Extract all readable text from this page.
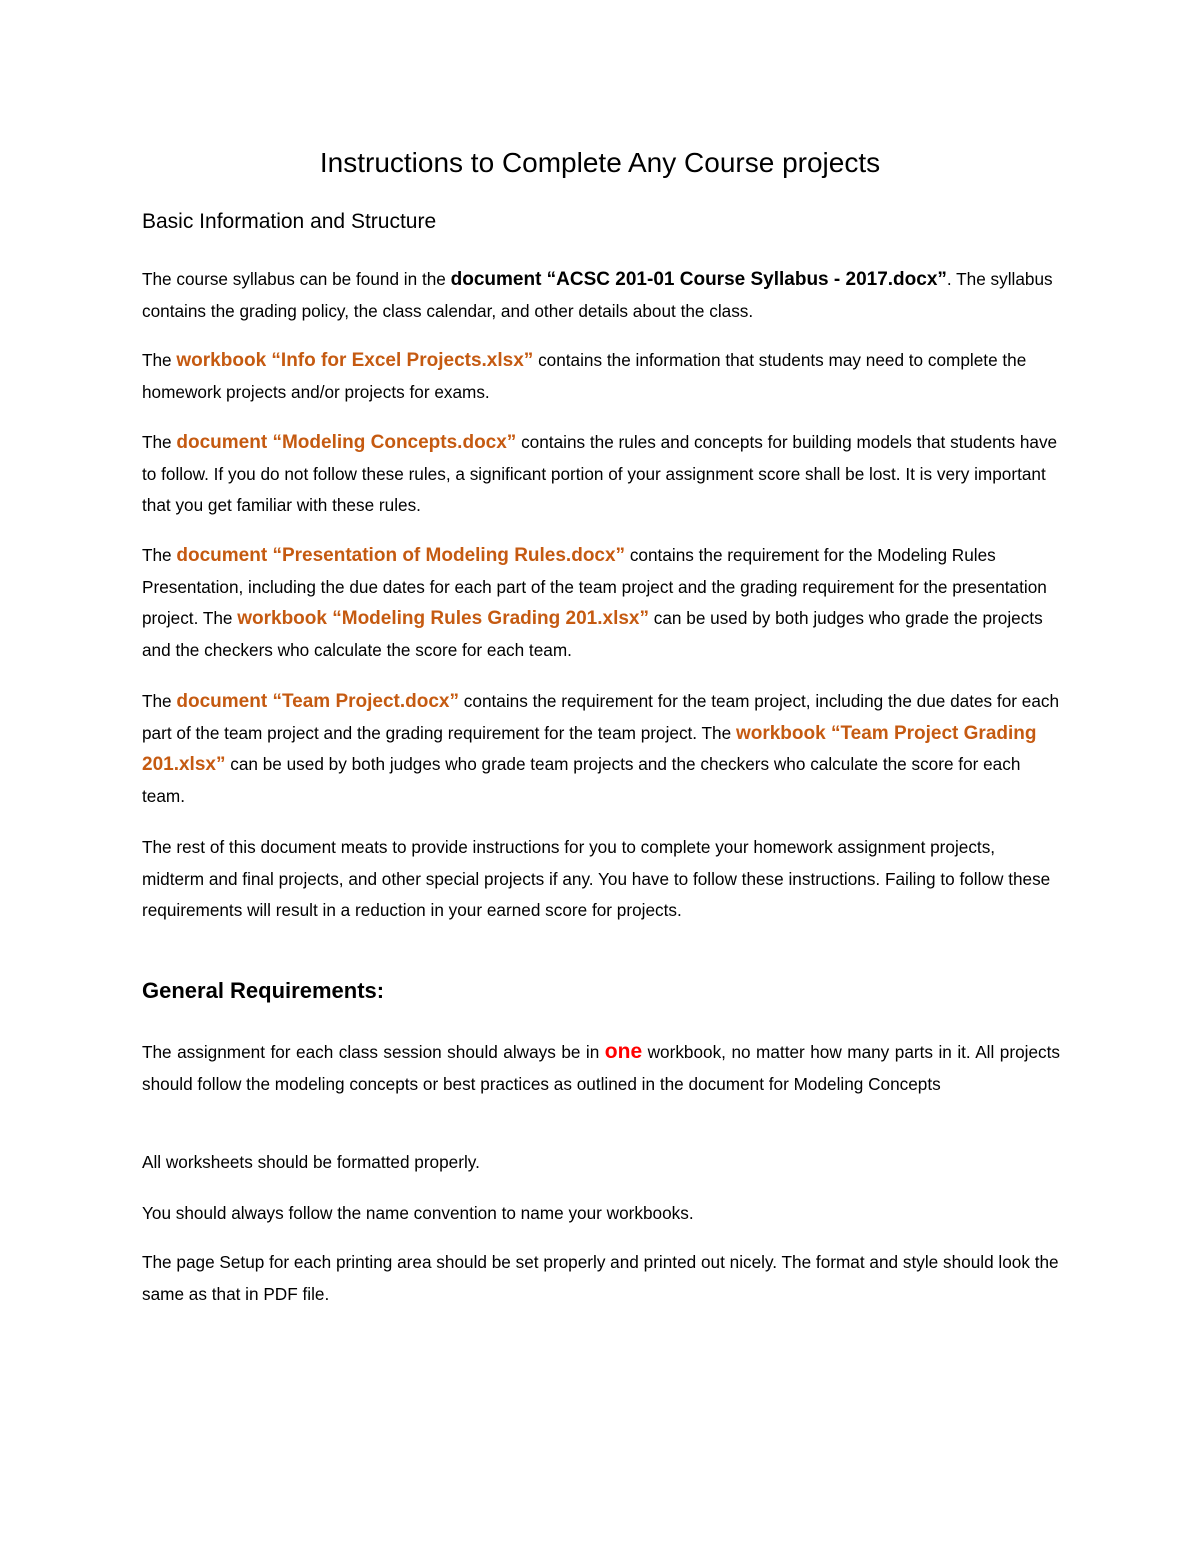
Instructions to Complete Any Course projects
Basic Information and Structure

The course syllabus can be found in the document “ACSC 201-01 Course Syllabus - 2017.docx”. The syllabus contains the grading policy, the class calendar, and other details about the class.

The workbook “Info for Excel Projects.xlsx” contains the information that students may need to complete the homework projects and/or projects for exams.

The document “Modeling Concepts.docx” contains the rules and concepts for building models that students have to follow. If you do not follow these rules, a significant portion of your assignment score shall be lost. It is very important that you get familiar with these rules.

The document “Presentation of Modeling Rules.docx” contains the requirement for the Modeling Rules Presentation, including the due dates for each part of the team project and the grading requirement for the presentation project. The workbook “Modeling Rules Grading 201.xlsx” can be used by both judges who grade the projects and the checkers who calculate the score for each team.

The document “Team Project.docx” contains the requirement for the team project, including the due dates for each part of the team project and the grading requirement for the team project. The workbook “Team Project Grading 201.xlsx” can be used by both judges who grade team projects and the checkers who calculate the score for each team.

The rest of this document meats to provide instructions for you to complete your homework assignment projects, midterm and final projects, and other special projects if any. You have to follow these instructions. Failing to follow these requirements will result in a reduction in your earned score for projects.

General Requirements:

The assignment for each class session should always be in one workbook, no matter how many parts in it. All projects should follow the modeling concepts or best practices as outlined in the document for Modeling Concepts

All worksheets should be formatted properly.

You should always follow the name convention to name your workbooks.

The page Setup for each printing area should be set properly and printed out nicely. The format and style should look the same as that in PDF file.
